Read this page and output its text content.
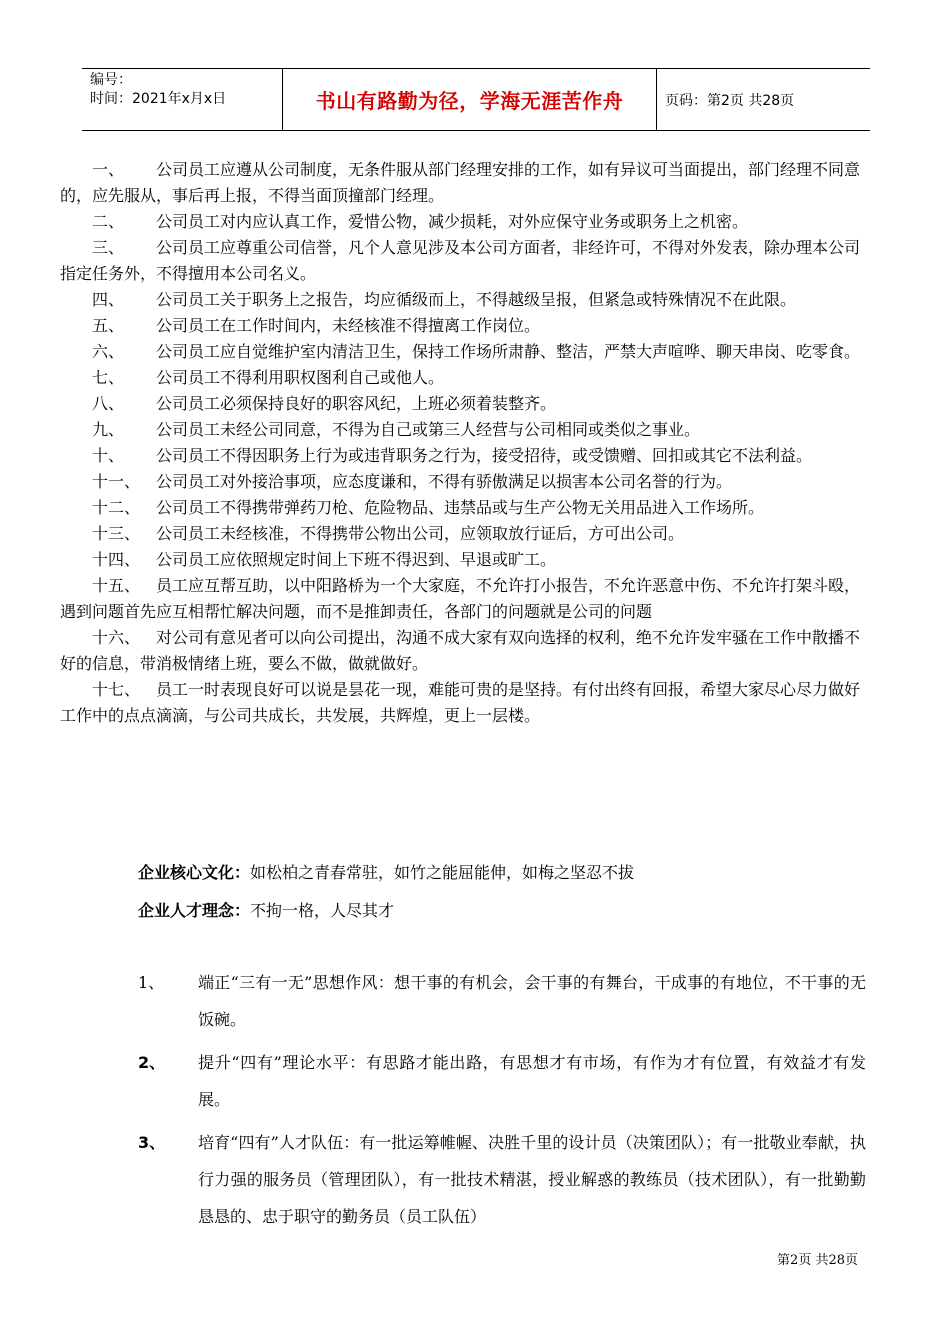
编号：
时间：2021年x月x日	书山有路勤为径，学海无涯苦作舟	页码：第2页 共28页

一、 公司员工应遵从公司制度，无条件服从部门经理安排的工作，如有异议可当面提出，部门经理不同意的，应先服从，事后再上报，不得当面顶撞部门经理。

二、 公司员工对内应认真工作，爱惜公物，减少损耗，对外应保守业务或职务上之机密。

三、 公司员工应尊重公司信誉，凡个人意见涉及本公司方面者，非经许可，不得对外发表，除办理本公司指定任务外，不得擅用本公司名义。

四、 公司员工关于职务上之报告，均应循级而上，不得越级呈报，但紧急或特殊情况不在此限。

五、 公司员工在工作时间内，未经核准不得擅离工作岗位。

六、 公司员工应自觉维护室内清洁卫生，保持工作场所肃静、整洁，严禁大声喧哗、聊天串岗、吃零食。

七、 公司员工不得利用职权图利自己或他人。

八、 公司员工必须保持良好的职容风纪，上班必须着装整齐。

九、 公司员工未经公司同意，不得为自己或第三人经营与公司相同或类似之事业。

十、 公司员工不得因职务上行为或违背职务之行为，接受招待，或受馈赠、回扣或其它不法利益。

十一、 公司员工对外接洽事项，应态度谦和，不得有骄傲满足以损害本公司名誉的行为。

十二、 公司员工不得携带弹药刀枪、危险物品、违禁品或与生产公物无关用品进入工作场所。

十三、 公司员工未经核准，不得携带公物出公司，应领取放行证后，方可出公司。

十四、 公司员工应依照规定时间上下班不得迟到、早退或旷工。

十五、 员工应互帮互助，以中阳路桥为一个大家庭，不允许打小报告，不允许恶意中伤、不允许打架斗殴，遇到问题首先应互相帮忙解决问题，而不是推卸责任，各部门的问题就是公司的问题

十六、 对公司有意见者可以向公司提出，沟通不成大家有双向选择的权利，绝不允许发牢骚在工作中散播不好的信息，带消极情绪上班，要么不做，做就做好。

十七、 员工一时表现良好可以说是昙花一现，难能可贵的是坚持。有付出终有回报，希望大家尽心尽力做好工作中的点点滴滴，与公司共成长，共发展，共辉煌，更上一层楼。

企业核心文化：如松柏之青春常驻，如竹之能屈能伸，如梅之坚忍不拔
企业人才理念：不拘一格，人尽其才
1、	端正“三有一无”思想作风：想干事的有机会，会干事的有舞台，干成事的有地位，不干事的无饭碗。
2、	提升“四有”理论水平：有思路才能出路，有思想才有市场，有作为才有位置，有效益才有发展。
3、	培育“四有”人才队伍：有一批运筹帷幄、决胜千里的设计员（决策团队）；有一批敬业奉献，执行力强的服务员（管理团队），有一批技术精湛，授业解惑的教练员（技术团队），有一批勤勤恳恳的、忠于职守的勤务员（员工队伍）
第2页 共28页
